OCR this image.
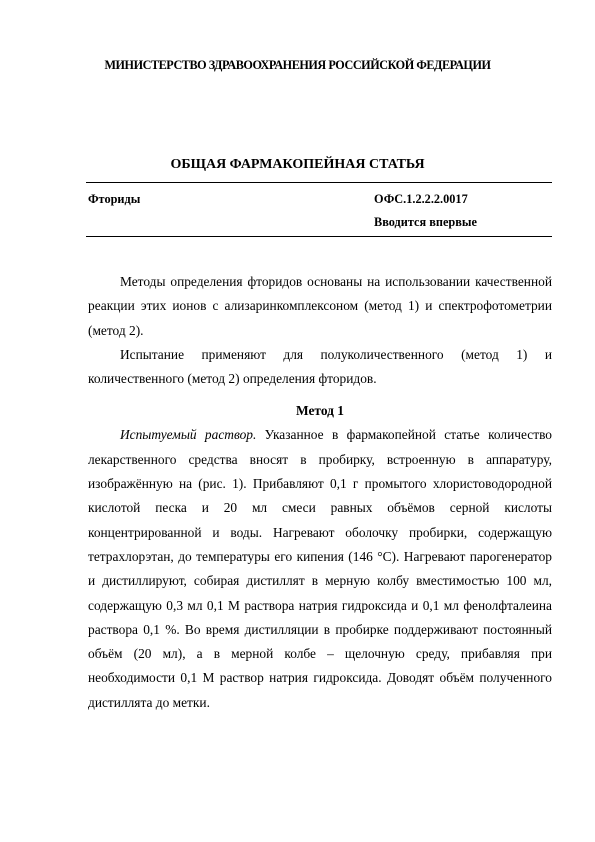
МИНИСТЕРСТВО ЗДРАВООХРАНЕНИЯ РОССИЙСКОЙ ФЕДЕРАЦИИ
ОБЩАЯ ФАРМАКОПЕЙНАЯ СТАТЬЯ
Фториды	ОФС.1.2.2.2.0017
Вводится впервые

Методы определения фторидов основаны на использовании качественной реакции этих ионов с ализаринкомплексоном (метод 1) и спектрофотометрии (метод 2).

Испытание применяют для полуколичественного (метод 1) и количественного (метод 2) определения фторидов.

Метод 1

Испытуемый раствор. Указанное в фармакопейной статье количество лекарственного средства вносят в пробирку, встроенную в аппаратуру, изображённую на (рис. 1). Прибавляют 0,1 г промытого хлористоводородной кислотой песка и 20 мл смеси равных объёмов серной кислоты концентрированной и воды. Нагревают оболочку пробирки, содержащую тетрахлорэтан, до температуры его кипения (146 °С). Нагревают парогенератор и дистиллируют, собирая дистиллят в мерную колбу вместимостью 100 мл, содержащую 0,3 мл 0,1 М раствора натрия гидроксида и 0,1 мл фенолфталеина раствора 0,1 %. Во время дистилляции в пробирке поддерживают постоянный объём (20 мл), а в мерной колбе – щелочную среду, прибавляя при необходимости 0,1 М раствор натрия гидроксида. Доводят объём полученного дистиллята до метки.
